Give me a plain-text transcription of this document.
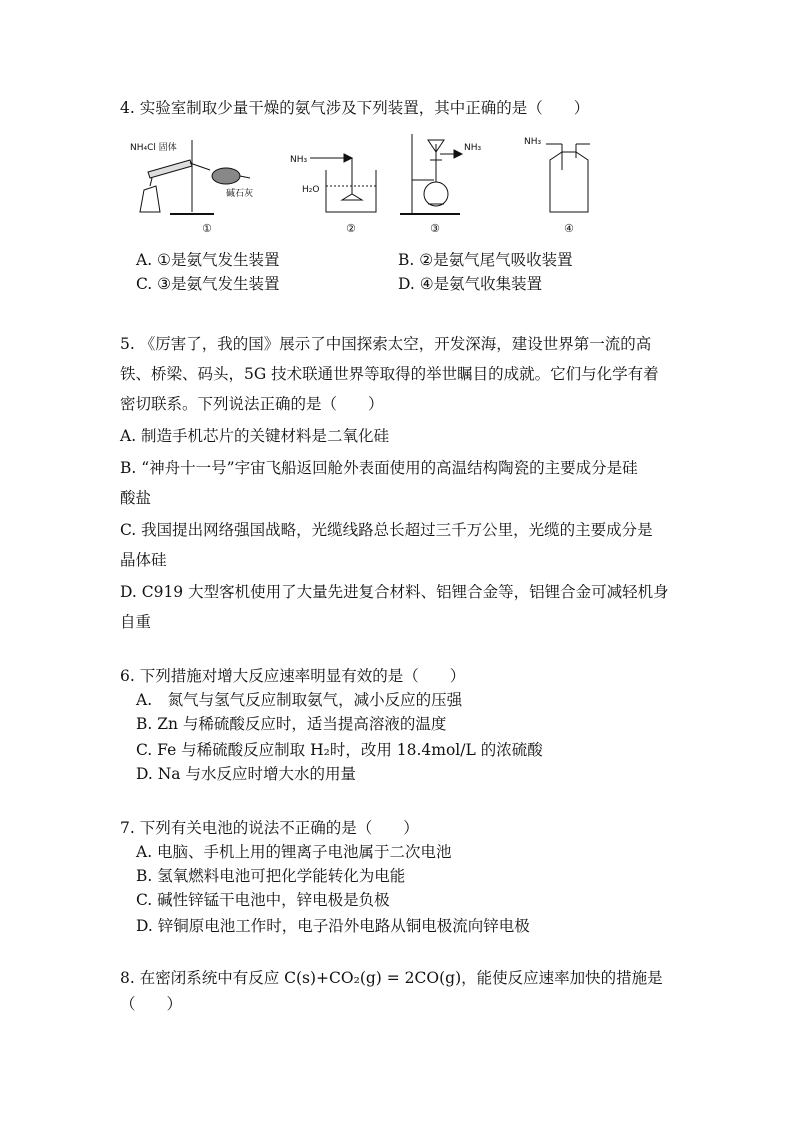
4. 实验室制取少量干燥的氨气涉及下列装置，其中正确的是（　　）
NH₄Cl 固体
碱石灰
①
NH₃
H₂O
②
NH₃
③
NH₃
④
A. ①是氨气发生装置	B. ②是氨气尾气吸收装置
C. ③是氨气发生装置	D. ④是氨气收集装置
5. 《厉害了，我的国》展示了中国探索太空，开发深海，建设世界第一流的高
铁、桥梁、码头，5G 技术联通世界等取得的举世瞩目的成就。它们与化学有着
密切联系。下列说法正确的是（　　）
A. 制造手机芯片的关键材料是二氧化硅
B. “神舟十一号”宇宙飞船返回舱外表面使用的高温结构陶瓷的主要成分是硅
酸盐
C. 我国提出网络强国战略，光缆线路总长超过三千万公里，光缆的主要成分是
晶体硅
D. C919 大型客机使用了大量先进复合材料、铝锂合金等，铝锂合金可减轻机身
自重
6. 下列措施对增大反应速率明显有效的是（　　）
A.　氮气与氢气反应制取氨气，减小反应的压强
B. Zn 与稀硫酸反应时，适当提高溶液的温度
C. Fe 与稀硫酸反应制取 H₂时，改用 18.4mol/L 的浓硫酸
D. Na 与水反应时增大水的用量
7. 下列有关电池的说法不正确的是（　　）
A. 电脑、手机上用的锂离子电池属于二次电池
B. 氢氧燃料电池可把化学能转化为电能
C. 碱性锌锰干电池中，锌电极是负极
D. 锌铜原电池工作时，电子沿外电路从铜电极流向锌电极
8. 在密闭系统中有反应 C(s)+CO₂(g) = 2CO(g)，能使反应速率加快的措施是
（　　）
